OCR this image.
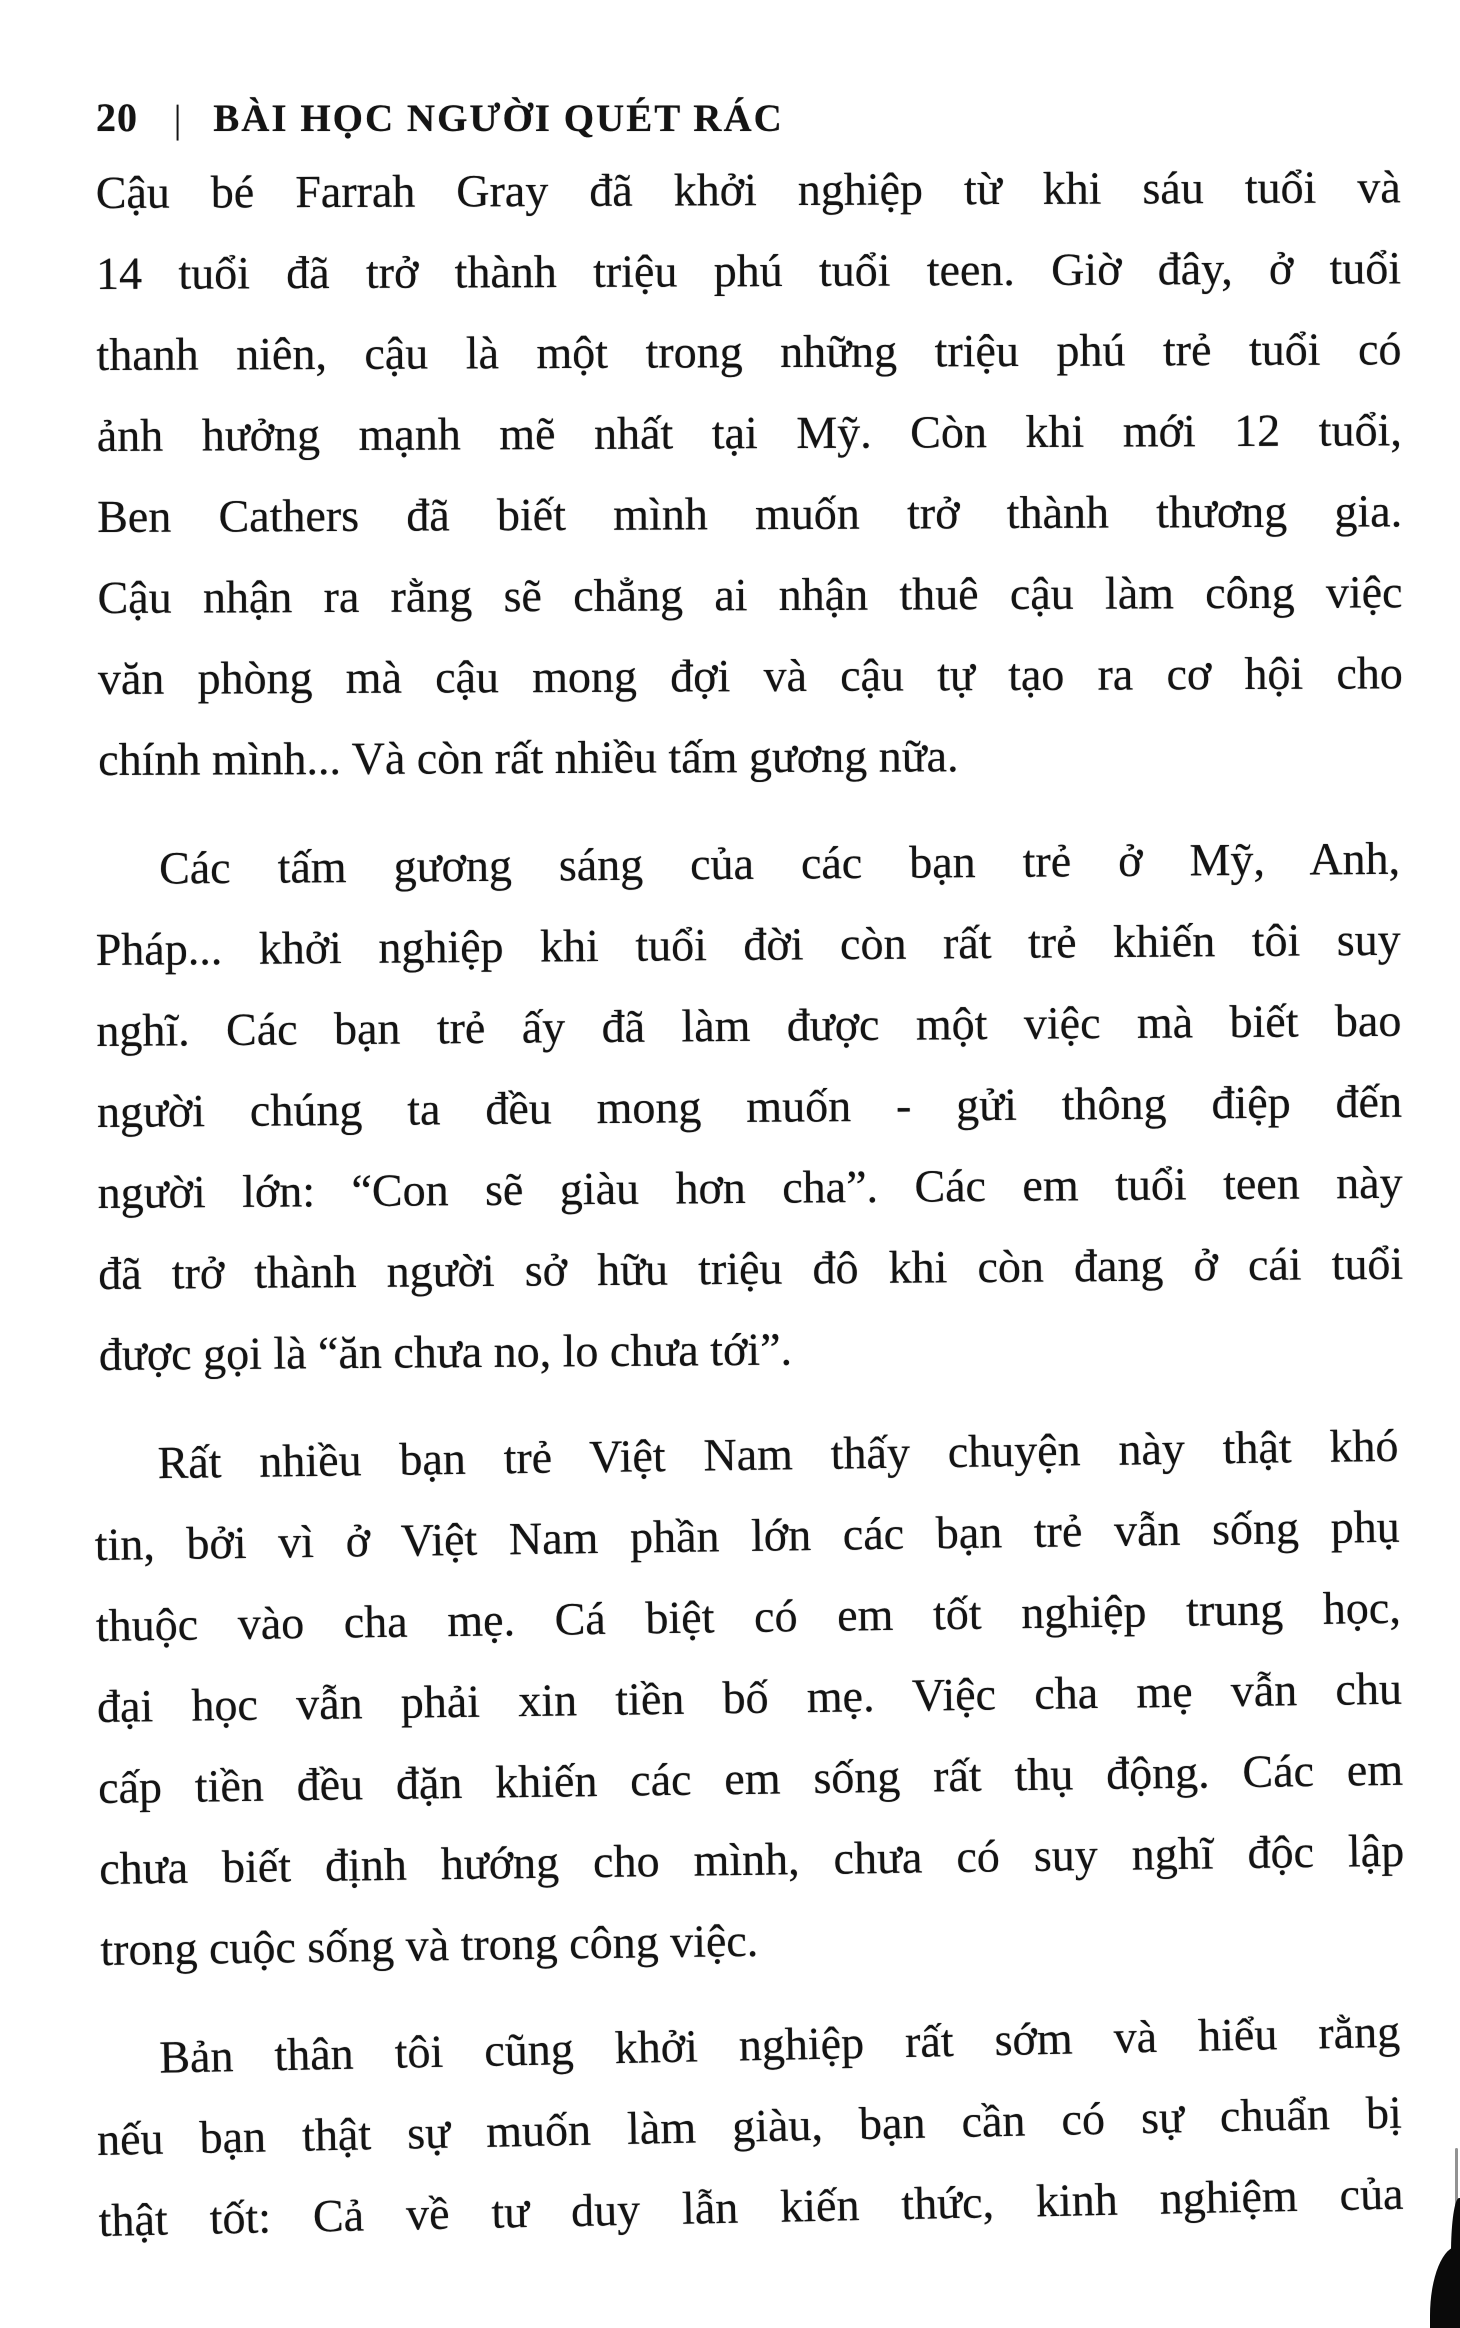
20 | BÀI HỌC NGƯỜI QUÉT RÁC
Cậu bé Farrah Gray đã khởi nghiệp từ khi sáu tuổi và
14 tuổi đã trở thành triệu phú tuổi teen. Giờ đây, ở tuổi
thanh niên, cậu là một trong những triệu phú trẻ tuổi có
ảnh hưởng mạnh mẽ nhất tại Mỹ. Còn khi mới 12 tuổi,
Ben Cathers đã biết mình muốn trở thành thương gia.
Cậu nhận ra rằng sẽ chẳng ai nhận thuê cậu làm công việc
văn phòng mà cậu mong đợi và cậu tự tạo ra cơ hội cho
chính mình... Và còn rất nhiều tấm gương nữa.
Các tấm gương sáng của các bạn trẻ ở Mỹ, Anh,
Pháp... khởi nghiệp khi tuổi đời còn rất trẻ khiến tôi suy
nghĩ. Các bạn trẻ ấy đã làm được một việc mà biết bao
người chúng ta đều mong muốn - gửi thông điệp đến
người lớn: “Con sẽ giàu hơn cha”. Các em tuổi teen này
đã trở thành người sở hữu triệu đô khi còn đang ở cái tuổi
được gọi là “ăn chưa no, lo chưa tới”.
Rất nhiều bạn trẻ Việt Nam thấy chuyện này thật khó
tin, bởi vì ở Việt Nam phần lớn các bạn trẻ vẫn sống phụ
thuộc vào cha mẹ. Cá biệt có em tốt nghiệp trung học,
đại học vẫn phải xin tiền bố mẹ. Việc cha mẹ vẫn chu
cấp tiền đều đặn khiến các em sống rất thụ động. Các em
chưa biết định hướng cho mình, chưa có suy nghĩ độc lập
trong cuộc sống và trong công việc.
Bản thân tôi cũng khởi nghiệp rất sớm và hiểu rằng
nếu bạn thật sự muốn làm giàu, bạn cần có sự chuẩn bị
thật tốt: Cả về tư duy lẫn kiến thức, kinh nghiệm của
